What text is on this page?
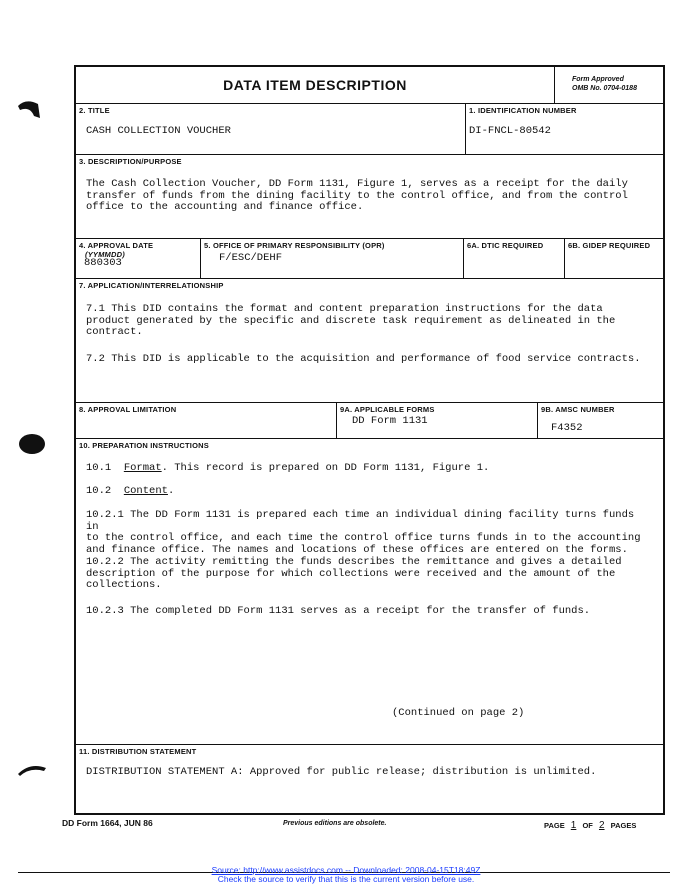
DATA ITEM DESCRIPTION	Form Approved
OMB No. 0704-0188
2. TITLE
CASH COLLECTION VOUCHER
1. IDENTIFICATION NUMBER
DI-FNCL-80542
3. DESCRIPTION/PURPOSE
The Cash Collection Voucher, DD Form 1131, Figure 1, serves as a receipt for the daily
transfer of funds from the dining facility to the control office, and from the control
office to the accounting and finance office.
4. APPROVAL DATE
(YYMMDD)
880303
5. OFFICE OF PRIMARY RESPONSIBILITY (OPR)
F/ESC/DEHF
6A. DTIC REQUIRED	6B. GIDEP REQUIRED
7. APPLICATION/INTERRELATIONSHIP
7.1 This DID contains the format and content preparation instructions for the data
product generated by the specific and discrete task requirement as delineated in the
contract.
7.2 This DID is applicable to the acquisition and performance of food service contracts.
8. APPROVAL LIMITATION	9A. APPLICABLE FORMS
DD Form 1131
9B. AMSC NUMBER
F4352
10. PREPARATION INSTRUCTIONS
10.1 Format. This record is prepared on DD Form 1131, Figure 1.
10.2 Content.
10.2.1 The DD Form 1131 is prepared each time an individual dining facility turns funds in
to the control office, and each time the control office turns funds in to the accounting
and finance office. The names and locations of these offices are entered on the forms.
10.2.2 The activity remitting the funds describes the remittance and gives a detailed
description of the purpose for which collections were received and the amount of the
collections.
10.2.3 The completed DD Form 1131 serves as a receipt for the transfer of funds.
(Continued on page 2)
11. DISTRIBUTION STATEMENT
DISTRIBUTION STATEMENT A: Approved for public release; distribution is unlimited.
DD Form 1664, JUN 86	Previous editions are obsolete.	PAGE 1 OF 2 PAGES
Source: http://www.assistdocs.com -- Downloaded: 2008-04-15T18:49Z
Check the source to verify that this is the current version before use.
